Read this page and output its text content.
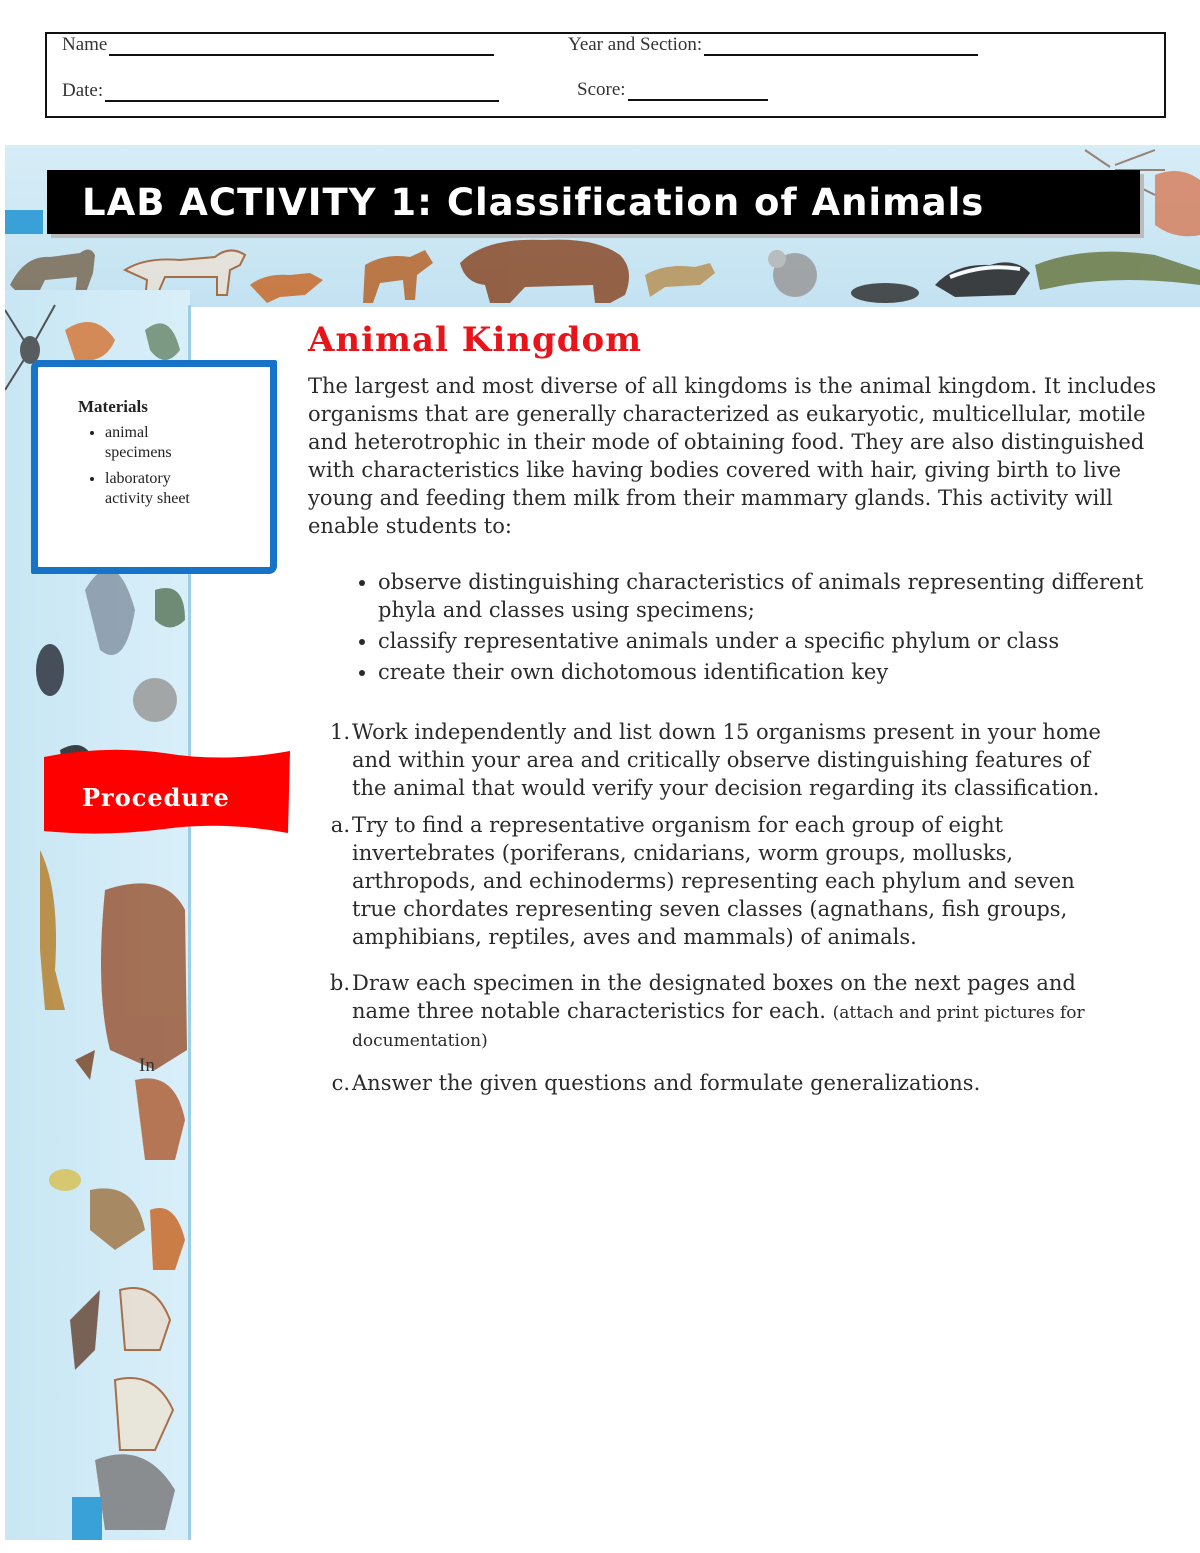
Name	Year and Section:
Date:	Score:
LAB ACTIVITY 1: Classification of Animals
Materials
• animal specimens
• laboratory activity sheet
Procedure
In
Animal Kingdom

The largest and most diverse of all kingdoms is the animal kingdom. It includes organisms that are generally characterized as eukaryotic, multicellular, motile and heterotrophic in their mode of obtaining food. They are also distinguished with characteristics like having bodies covered with hair, giving birth to live young and feeding them milk from their mammary glands. This activity will enable students to:

• observe distinguishing characteristics of animals representing different phyla and classes using specimens;
• classify representative animals under a specific phylum or class
• create their own dichotomous identification key
1. Work independently and list down 15 organisms present in your home and within your area and critically observe distinguishing features of the animal that would verify your decision regarding its classification.
a. Try to find a representative organism for each group of eight invertebrates (poriferans, cnidarians, worm groups, mollusks, arthropods, and echinoderms) representing each phylum and seven true chordates representing seven classes (agnathans, fish groups, amphibians, reptiles, aves and mammals) of animals.
b. Draw each specimen in the designated boxes on the next pages and name three notable characteristics for each. (attach and print pictures for documentation)
c. Answer the given questions and formulate generalizations.
